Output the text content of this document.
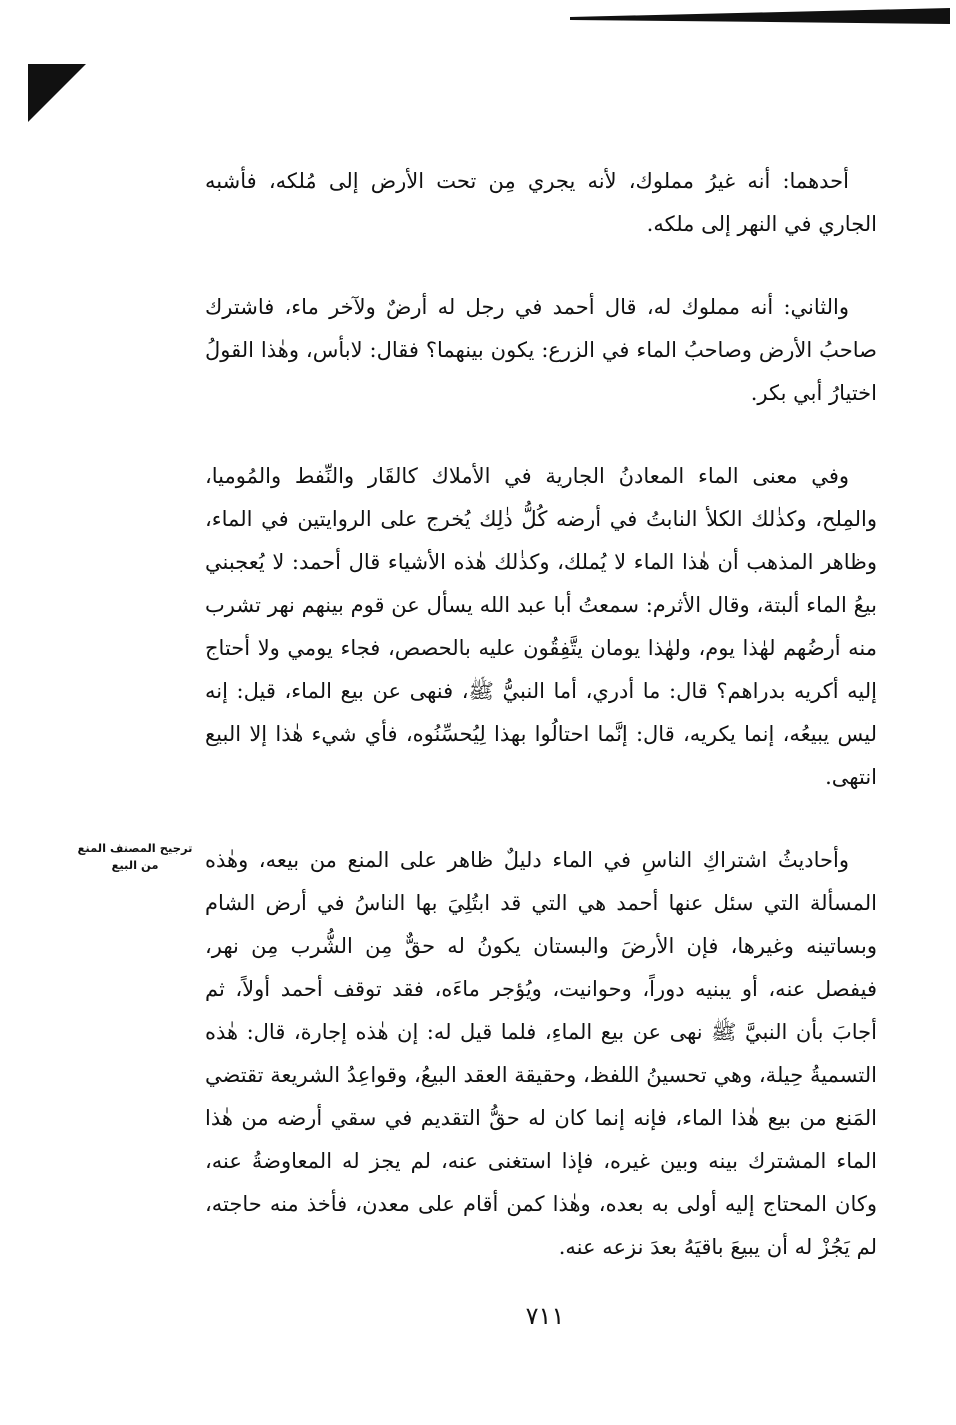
أحدهما: أنه غيرُ مملوك، لأنه يجري مِن تحت الأرض إلى مُلكه، فأشبه الجاري في النهر إلى ملكه.

والثاني: أنه مملوك له، قال أحمد في رجل له أرضٌ ولآخر ماء، فاشترك صاحبُ الأرض وصاحبُ الماء في الزرع: يكون بينهما؟ فقال: لابأس، وهٰذا القولُ اختيارُ أبي بكر.

وفي معنى الماء المعادنُ الجارية في الأملاك كالقَار والنِّفط والمُوميا، والمِلح، وكذٰلك الكلأ النابتُ في أرضه كُلُّ ذٰلِك يُخرج على الروايتين في الماء، وظاهر المذهب أن هٰذا الماء لا يُملك، وكذٰلك هٰذه الأشياء قال أحمد: لا يُعجبني بيعُ الماء ألبتة، وقال الأثرم: سمعتُ أبا عبد الله يسأل عن قوم بينهم نهر تشرب منه أرضُهم لهٰذا يوم، ولهٰذا يومان يتَّفِقُون عليه بالحصص، فجاء يومي ولا أحتاج إليه أكريه بدراهم؟ قال: ما أدري، أما النبيُّ ﷺ، فنهى عن بيع الماء، قيل: إنه ليس يبيعُه، إنما يكريه، قال: إنَّما احتالُوا بهذا لِيُحسِّنُوه، فأي شيء هٰذا إلا البيع انتهى.

وأحاديثُ اشتراكِ الناسِ في الماء دليلٌ ظاهر على المنع من بيعه، وهٰذه المسألة التي سئل عنها أحمد هي التي قد ابتُلِيَ بها الناسُ في أرض الشام وبساتينه وغيرها، فإن الأرضَ والبستان يكونُ له حقٌّ مِن الشُّرب مِن نهر، فيفصل عنه، أو يبنيه دوراً، وحوانيت، ويُؤجر ماءَه، فقد توقف أحمد أولاً، ثم أجابَ بأن النبيَّ ﷺ نهى عن بيع الماءِ، فلما قيل له: إن هٰذه إجارة، قال: هٰذه التسميةُ حِيلة، وهي تحسينُ اللفظ، وحقيقة العقد البيعُ، وقواعِدُ الشريعة تقتضي المَنع من بيع هٰذا الماء، فإنه إنما كان له حقُّ التقديم في سقي أرضه من هٰذا الماء المشترك بينه وبين غيره، فإذا استغنى عنه، لم يجز له المعاوضةُ عنه، وكان المحتاج إليه أولى به بعده، وهٰذا كمن أقام على معدن، فأخذ منه حاجته، لم يَجُزْ له أن يبيعَ باقيَهُ بعدَ نزعه عنه.

ترجيح المصنف المنع
من البيع
٧١١
